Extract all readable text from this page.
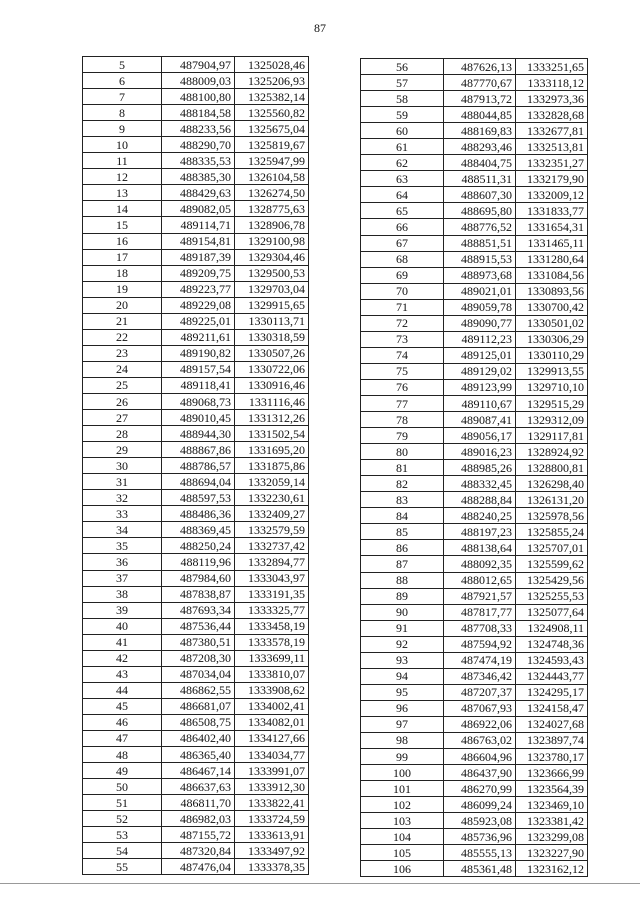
87
5	487904,97	1325028,46
6	488009,03	1325206,93
7	488100,80	1325382,14
8	488184,58	1325560,82
9	488233,56	1325675,04
10	488290,70	1325819,67
11	488335,53	1325947,99
12	488385,30	1326104,58
13	488429,63	1326274,50
14	489082,05	1328775,63
15	489114,71	1328906,78
16	489154,81	1329100,98
17	489187,39	1329304,46
18	489209,75	1329500,53
19	489223,77	1329703,04
20	489229,08	1329915,65
21	489225,01	1330113,71
22	489211,61	1330318,59
23	489190,82	1330507,26
24	489157,54	1330722,06
25	489118,41	1330916,46
26	489068,73	1331116,46
27	489010,45	1331312,26
28	488944,30	1331502,54
29	488867,86	1331695,20
30	488786,57	1331875,86
31	488694,04	1332059,14
32	488597,53	1332230,61
33	488486,36	1332409,27
34	488369,45	1332579,59
35	488250,24	1332737,42
36	488119,96	1332894,77
37	487984,60	1333043,97
38	487838,87	1333191,35
39	487693,34	1333325,77
40	487536,44	1333458,19
41	487380,51	1333578,19
42	487208,30	1333699,11
43	487034,04	1333810,07
44	486862,55	1333908,62
45	486681,07	1334002,41
46	486508,75	1334082,01
47	486402,40	1334127,66
48	486365,40	1334034,77
49	486467,14	1333991,07
50	486637,63	1333912,30
51	486811,70	1333822,41
52	486982,03	1333724,59
53	487155,72	1333613,91
54	487320,84	1333497,92
55	487476,04	1333378,35
56	487626,13	1333251,65
57	487770,67	1333118,12
58	487913,72	1332973,36
59	488044,85	1332828,68
60	488169,83	1332677,81
61	488293,46	1332513,81
62	488404,75	1332351,27
63	488511,31	1332179,90
64	488607,30	1332009,12
65	488695,80	1331833,77
66	488776,52	1331654,31
67	488851,51	1331465,11
68	488915,53	1331280,64
69	488973,68	1331084,56
70	489021,01	1330893,56
71	489059,78	1330700,42
72	489090,77	1330501,02
73	489112,23	1330306,29
74	489125,01	1330110,29
75	489129,02	1329913,55
76	489123,99	1329710,10
77	489110,67	1329515,29
78	489087,41	1329312,09
79	489056,17	1329117,81
80	489016,23	1328924,92
81	488985,26	1328800,81
82	488332,45	1326298,40
83	488288,84	1326131,20
84	488240,25	1325978,56
85	488197,23	1325855,24
86	488138,64	1325707,01
87	488092,35	1325599,62
88	488012,65	1325429,56
89	487921,57	1325255,53
90	487817,77	1325077,64
91	487708,33	1324908,11
92	487594,92	1324748,36
93	487474,19	1324593,43
94	487346,42	1324443,77
95	487207,37	1324295,17
96	487067,93	1324158,47
97	486922,06	1324027,68
98	486763,02	1323897,74
99	486604,96	1323780,17
100	486437,90	1323666,99
101	486270,99	1323564,39
102	486099,24	1323469,10
103	485923,08	1323381,42
104	485736,96	1323299,08
105	485555,13	1323227,90
106	485361,48	1323162,12
